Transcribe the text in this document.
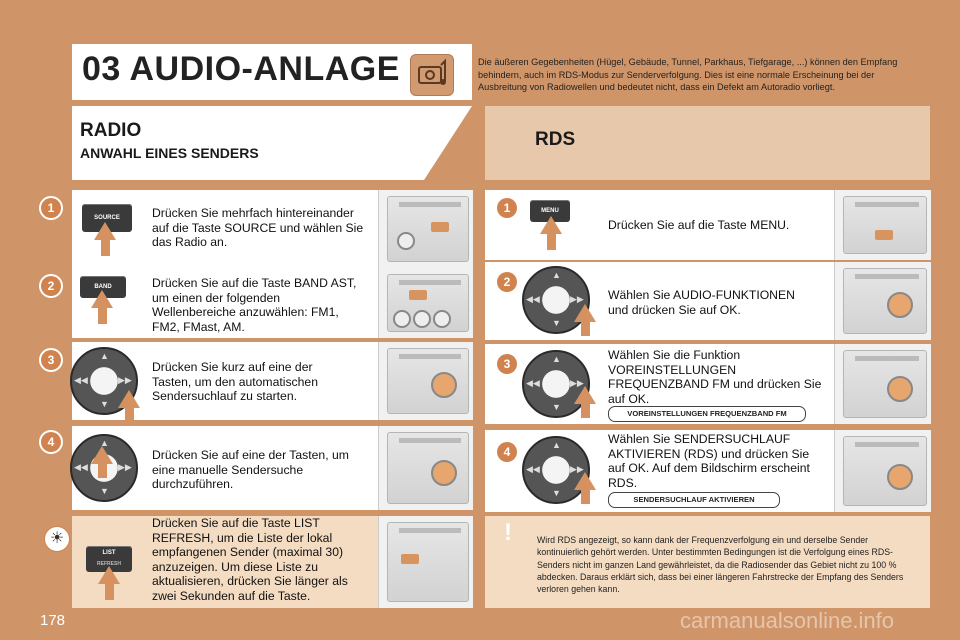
03 AUDIO-ANLAGE	Die äußeren Gegebenheiten (Hügel, Gebäude, Tunnel, Parkhaus, Tiefgarage, ...) können den Empfang behindern, auch im RDS-Modus zur Senderverfolgung. Dies ist eine normale Erscheinung bei der Ausbreitung von Radiowellen und bedeutet nicht, dass ein Defekt am Autoradio vorliegt.
RADIO
ANWAHL EINES SENDERS
RDS
1
SOURCE	Drücken Sie mehrfach hintereinander auf die Taste SOURCE und wählen Sie das Radio an.
2	BAND	Drücken Sie auf die Taste BAND AST, um einen der folgenden Wellenbereiche anzuwählen: FM1, FM2, FMast, AM.
3	▲
▼
◀◀	▶▶
Drücken Sie kurz auf eine der Tasten, um den automatischen Sendersuchlauf zu starten.
4	▲
▼
◀◀	▶▶
Drücken Sie auf eine der Tasten, um eine manuelle Sendersuche durchzuführen.
☀
LIST
REFRESH
Drücken Sie auf die Taste LIST REFRESH, um die Liste der lokal empfangenen Sender (maximal 30) anzuzeigen. Um diese Liste zu aktualisieren, drücken Sie länger als zwei Sekunden auf die Taste.
1	MENU
Drücken Sie auf die Taste MENU.
2	▲
▼
◀◀	▶▶ Wählen Sie AUDIO-FUNKTIONEN und drücken Sie auf OK.
3	▲
▼
◀◀	▶▶
Wählen Sie die Funktion VOREINSTELLUNGEN FREQUENZBAND FM und drücken Sie auf OK.
VOREINSTELLUNGEN FREQUENZBAND FM
4	▲
▼
◀◀	▶▶
Wählen Sie SENDERSUCHLAUF AKTIVIEREN (RDS) und drücken Sie auf OK. Auf dem Bildschirm erscheint RDS.
SENDERSUCHLAUF AKTIVIEREN
!	Wird RDS angezeigt, so kann dank der Frequenzverfolgung ein und derselbe Sender kontinuierlich gehört werden. Unter bestimmten Bedingungen ist die Verfolgung eines RDS-Senders nicht im ganzen Land gewährleistet, da die Radiosender das Gebiet nicht zu 100 % abdecken. Daraus erklärt sich, dass bei einer längeren Fahrstrecke der Empfang des Senders verloren gehen kann.
178	carmanualsonline.info
